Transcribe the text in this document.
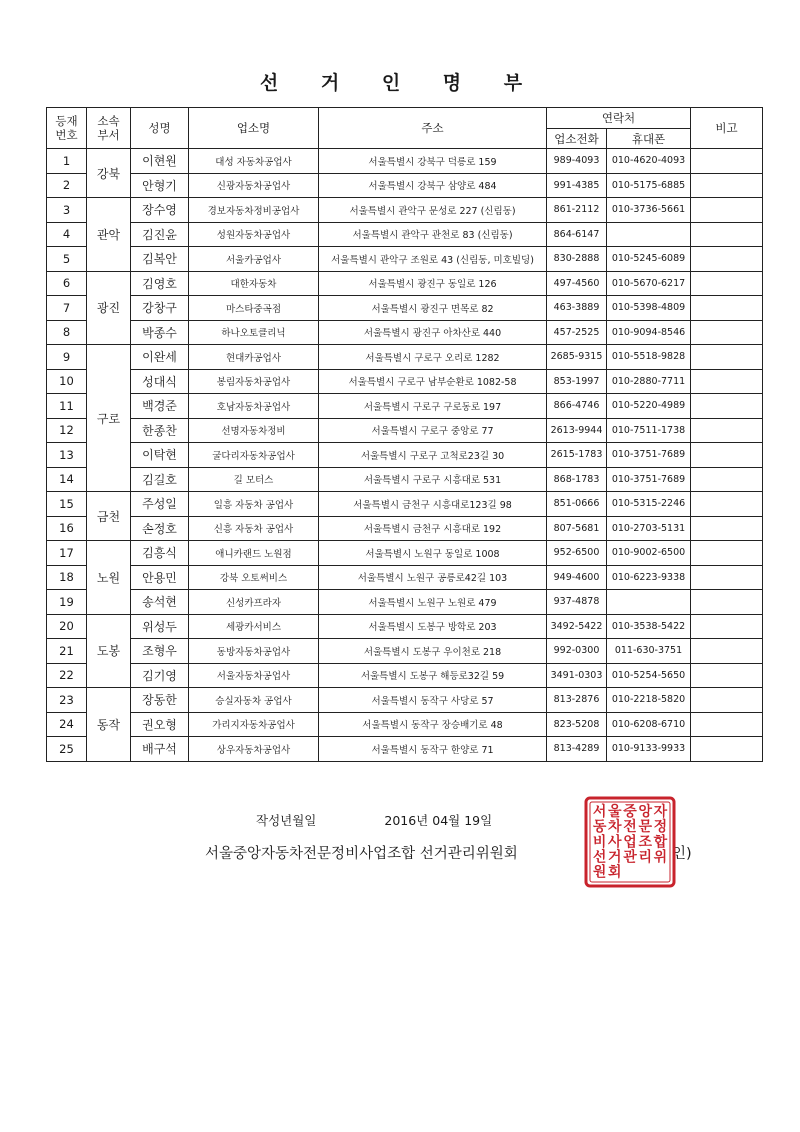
선 거 인 명 부
등재
번호	소속
부서	성명	업소명	주소	연락처		비고
					업소전화	휴대폰	
1	강북	이현원	대성 자동차공업사	서울특별시 강북구 덕릉로 159	989-4093	010-4620-4093	
2		안형기	신광자동차공업사	서울특별시 강북구 삼양로 484	991-4385	010-5175-6885	
3	관악	장수영	경보자동차정비공업사	서울특별시 관악구 문성로 227 (신림동)	861-2112	010-3736-5661	
4		김진윤	성원자동차공업사	서울특별시 관악구 관천로 83 (신림동)	864-6147		
5		김복안	서울카공업사	서울특별시 관악구 조원로 43 (신림동, 미호빌딩)	830-2888	010-5245-6089	
6	광진	김영호	대한자동차	서울특별시 광진구 동일로 126	497-4560	010-5670-6217	
7		강창구	마스타중곡점	서울특별시 광진구 면목로 82	463-3889	010-5398-4809	
8		박종수	하나오토클리닉	서울특별시 광진구 아차산로 440	457-2525	010-9094-8546	
9	구로	이완세	현대카공업사	서울특별시 구로구 오리로 1282	2685-9315	010-5518-9828	
10		성대식	봉림자동차공업사	서울특별시 구로구 남부순환로 1082-58	853-1997	010-2880-7711	
11		백경준	호남자동차공업사	서울특별시 구로구 구로동로 197	866-4746	010-5220-4989	
12		한종찬	선명자동차정비	서울특별시 구로구 중앙로 77	2613-9944	010-7511-1738	
13		이탁현	굴다리자동차공업사	서울특별시 구로구 고척로23길 30	2615-1783	010-3751-7689	
14		김길호	길 모터스	서울특별시 구로구 시흥대로 531	868-1783	010-3751-7689	
15	금천	주성일	일흥 자동차 공업사	서울특별시 금천구 시흥대로123길 98	851-0666	010-5315-2246	
16		손정호	신흥 자동차 공업사	서울특별시 금천구 시흥대로 192	807-5681	010-2703-5131	
17	노원	김흥식	애니카랜드 노원점	서울특별시 노원구 동일로 1008	952-6500	010-9002-6500	
18		안용민	강북 오토써비스	서울특별시 노원구 공릉로42길 103	949-4600	010-6223-9338	
19		송석현	신성카프라자	서울특별시 노원구 노원로 479	937-4878		
20	도봉	위성두	세광카서비스	서울특별시 도봉구 방학로 203	3492-5422	010-3538-5422	
21		조형우	동방자동차공업사	서울특별시 도봉구 우이천로 218	992-0300	011-630-3751	
22		김기영	서울자동차공업사	서울특별시 도봉구 해등로32길 59	3491-0303	010-5254-5650	
23	동작	장동한	승실자동차 공업사	서울특별시 동작구 사당로 57	813-2876	010-2218-5820	
24		권오형	가리지자동차공업사	서울특별시 동작구 장승배기로 48	823-5208	010-6208-6710	
25		배구석	상우자동차공업사	서울특별시 동작구 한양로 71	813-4289	010-9133-9933	
작성년월일	2016년 04월 19일
서울중앙자동차전문정비사업조합 선거관리위원회	인)
서 울 중 앙 자
동 차 전 문 정
비 사 업 조 합
선 거 관 리 위
원 회
